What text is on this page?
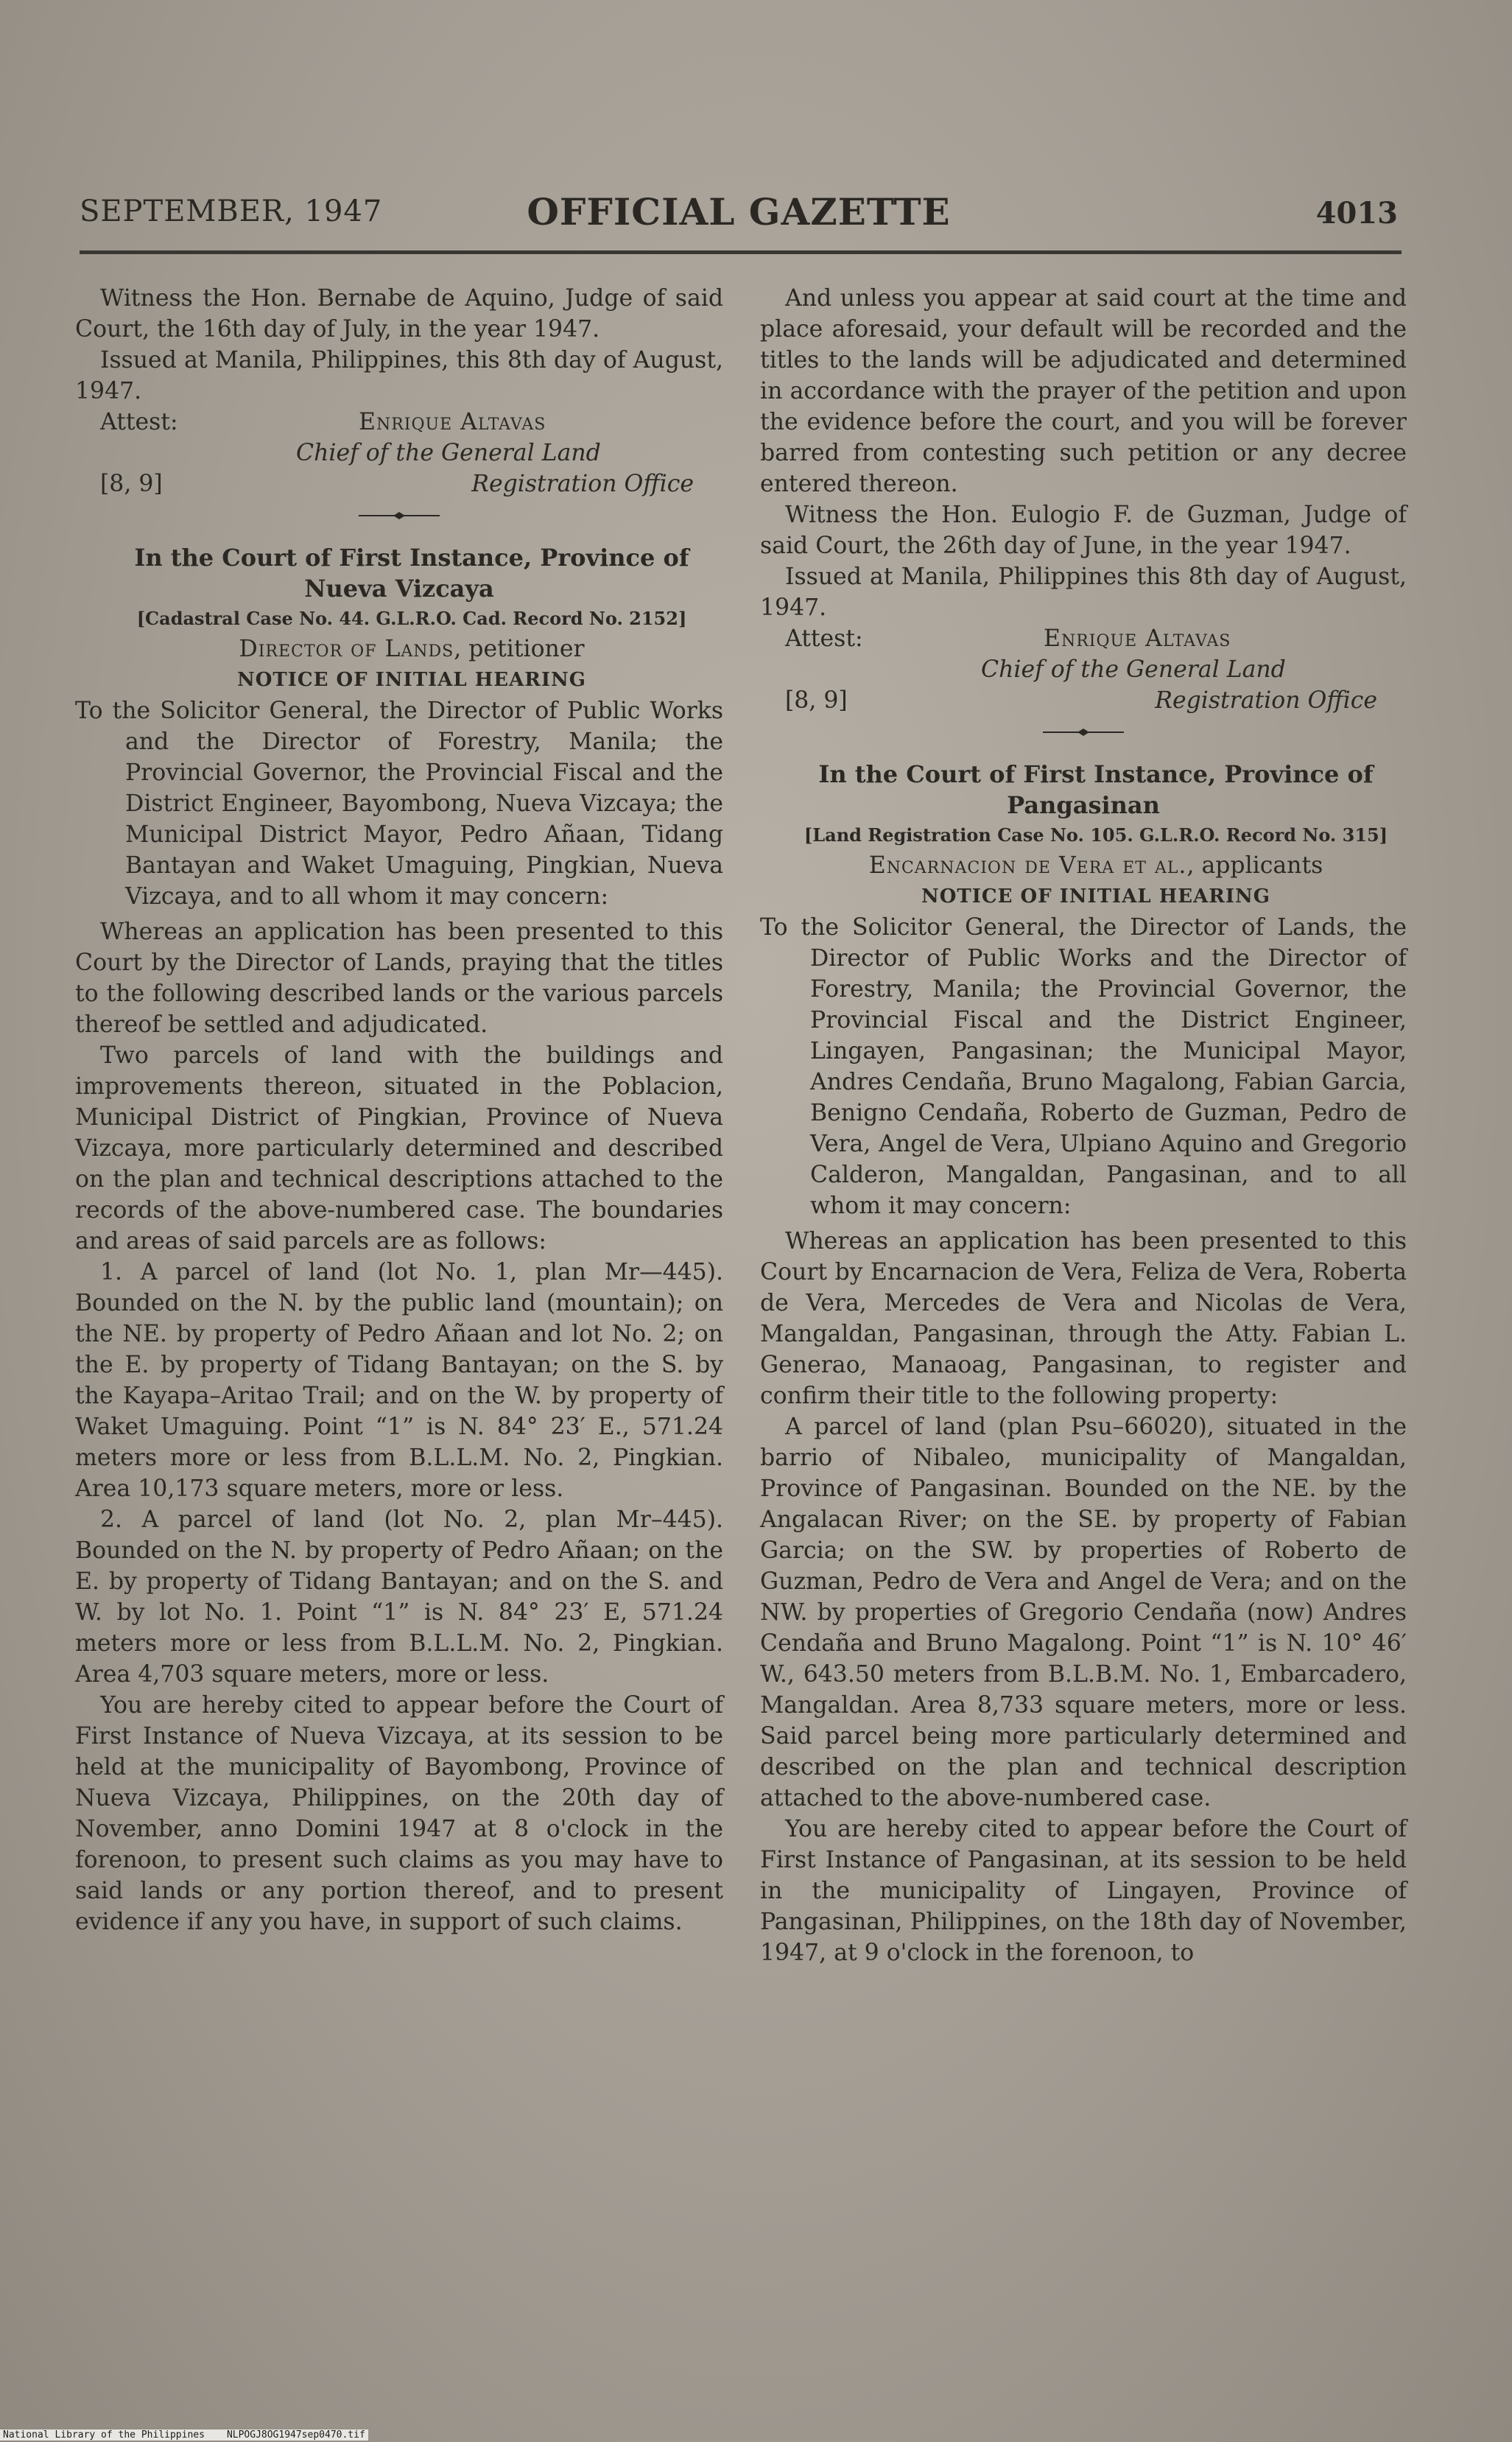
SEPTEMBER, 1947	OFFICIAL GAZETTE	4013

Witness the Hon. Bernabe de Aquino, Judge of said Court, the 16th day of July, in the year 1947.

Issued at Manila, Philippines, this 8th day of August, 1947.

Attest:	Enrique Altavas
Chief of the General Land
[8, 9]	Registration Office

In the Court of First Instance, Province of Nueva Vizcaya

[Cadastral Case No. 44. G.L.R.O. Cad. Record No. 2152]

Director of Lands, petitioner

NOTICE OF INITIAL HEARING

To the Solicitor General, the Director of Public Works and the Director of Forestry, Manila; the Provincial Governor, the Provincial Fiscal and the District Engineer, Bayombong, Nueva Vizcaya; the Municipal District Mayor, Pedro Añaan, Tidang Bantayan and Waket Umaguing, Pingkian, Nueva Vizcaya, and to all whom it may concern:

Whereas an application has been presented to this Court by the Director of Lands, praying that the titles to the following described lands or the various parcels thereof be settled and adjudicated.

Two parcels of land with the buildings and improvements thereon, situated in the Poblacion, Municipal District of Pingkian, Province of Nueva Vizcaya, more particularly determined and described on the plan and technical descriptions attached to the records of the above-numbered case. The boundaries and areas of said parcels are as follows:

1. A parcel of land (lot No. 1, plan Mr—445). Bounded on the N. by the public land (mountain); on the NE. by property of Pedro Añaan and lot No. 2; on the E. by property of Tidang Bantayan; on the S. by the Kayapa–Aritao Trail; and on the W. by property of Waket Umaguing. Point “1” is N. 84° 23′ E., 571.24 meters more or less from B.L.L.M. No. 2, Pingkian. Area 10,173 square meters, more or less.

2. A parcel of land (lot No. 2, plan Mr–445). Bounded on the N. by property of Pedro Añaan; on the E. by property of Tidang Bantayan; and on the S. and W. by lot No. 1. Point “1” is N. 84° 23′ E, 571.24 meters more or less from B.L.L.M. No. 2, Pingkian. Area 4,703 square meters, more or less.

You are hereby cited to appear before the Court of First Instance of Nueva Vizcaya, at its session to be held at the municipality of Bayombong, Province of Nueva Vizcaya, Philippines, on the 20th day of November, anno Domini 1947 at 8 o'clock in the forenoon, to present such claims as you may have to said lands or any portion thereof, and to present evidence if any you have, in support of such claims.

And unless you appear at said court at the time and place aforesaid, your default will be recorded and the titles to the lands will be adjudicated and determined in accordance with the prayer of the petition and upon the evidence before the court, and you will be forever barred from contesting such petition or any decree entered thereon.

Witness the Hon. Eulogio F. de Guzman, Judge of said Court, the 26th day of June, in the year 1947.

Issued at Manila, Philippines this 8th day of August, 1947.

Attest:	Enrique Altavas
Chief of the General Land
[8, 9]	Registration Office

In the Court of First Instance, Province of Pangasinan

[Land Registration Case No. 105. G.L.R.O. Record No. 315]

Encarnacion de Vera et al., applicants

NOTICE OF INITIAL HEARING

To the Solicitor General, the Director of Lands, the Director of Public Works and the Director of Forestry, Manila; the Provincial Governor, the Provincial Fiscal and the District Engineer, Lingayen, Pangasinan; the Municipal Mayor, Andres Cendaña, Bruno Magalong, Fabian Garcia, Benigno Cendaña, Roberto de Guzman, Pedro de Vera, Angel de Vera, Ulpiano Aquino and Gregorio Calderon, Mangaldan, Pangasinan, and to all whom it may concern:

Whereas an application has been presented to this Court by Encarnacion de Vera, Feliza de Vera, Roberta de Vera, Mercedes de Vera and Nicolas de Vera, Mangaldan, Pangasinan, through the Atty. Fabian L. Generao, Manaoag, Pangasinan, to register and confirm their title to the following property:

A parcel of land (plan Psu–66020), situated in the barrio of Nibaleo, municipality of Mangaldan, Province of Pangasinan. Bounded on the NE. by the Angalacan River; on the SE. by property of Fabian Garcia; on the SW. by properties of Roberto de Guzman, Pedro de Vera and Angel de Vera; and on the NW. by properties of Gregorio Cendaña (now) Andres Cendaña and Bruno Magalong. Point “1” is N. 10° 46′ W., 643.50 meters from B.L.B.M. No. 1, Embarcadero, Mangaldan. Area 8,733 square meters, more or less. Said parcel being more particularly determined and described on the plan and technical description attached to the above-numbered case.

You are hereby cited to appear before the Court of First Instance of Pangasinan, at its session to be held in the municipality of Lingayen, Province of Pangasinan, Philippines, on the 18th day of November, 1947, at 9 o'clock in the forenoon, to

National Library of the Philippines NLPOGJ8OG1947sep0470.tif
